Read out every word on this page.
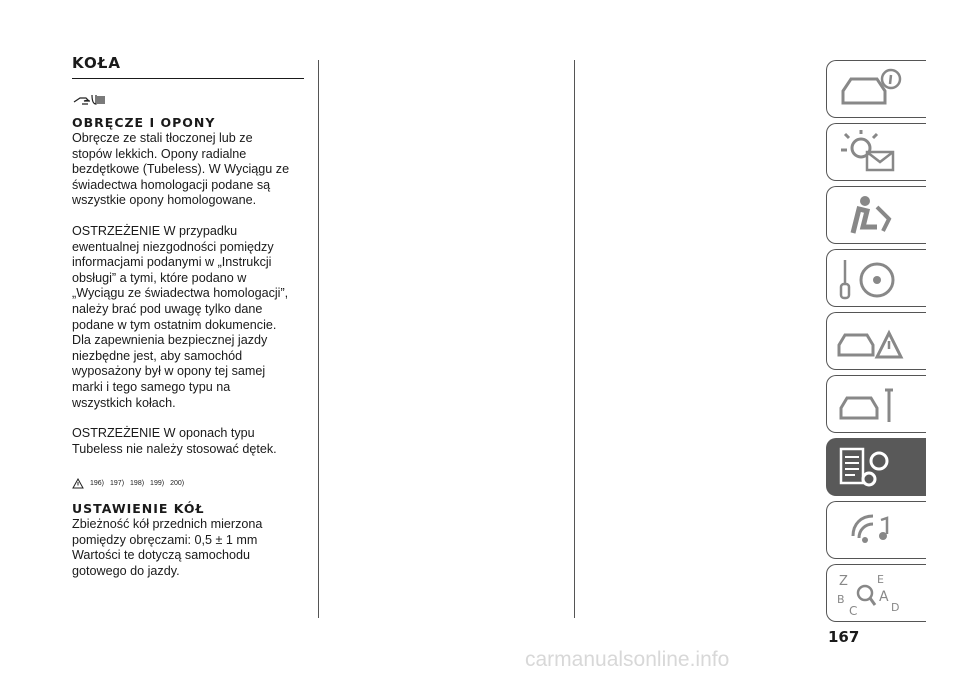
KOŁA
OBRĘCZE I OPONY

Obręcze ze stali tłoczonej lub ze
stopów lekkich. Opony radialne
bezdętkowe (Tubeless). W Wyciągu ze
świadectwa homologacji podane są
wszystkie opony homologowane.

OSTRZEŻENIE W przypadku
ewentualnej niezgodności pomiędzy
informacjami podanymi w „Instrukcji
obsługi” a tymi, które podano w
„Wyciągu ze świadectwa homologacji”,
należy brać pod uwagę tylko dane
podane w tym ostatnim dokumencie.
Dla zapewnienia bezpiecznej jazdy
niezbędne jest, aby samochód
wyposażony był w opony tej samej
marki i tego samego typu na
wszystkich kołach.

OSTRZEŻENIE W oponach typu
Tubeless nie należy stosować dętek.

196) 197) 198) 199) 200)
USTAWIENIE KÓŁ

Zbieżność kół przednich mierzona
pomiędzy obręczami: 0,5 ± 1 mm
Wartości te dotyczą samochodu
gotowego do jazdy.

Z	E
B A
C	D
167
carmanualsonline.info
